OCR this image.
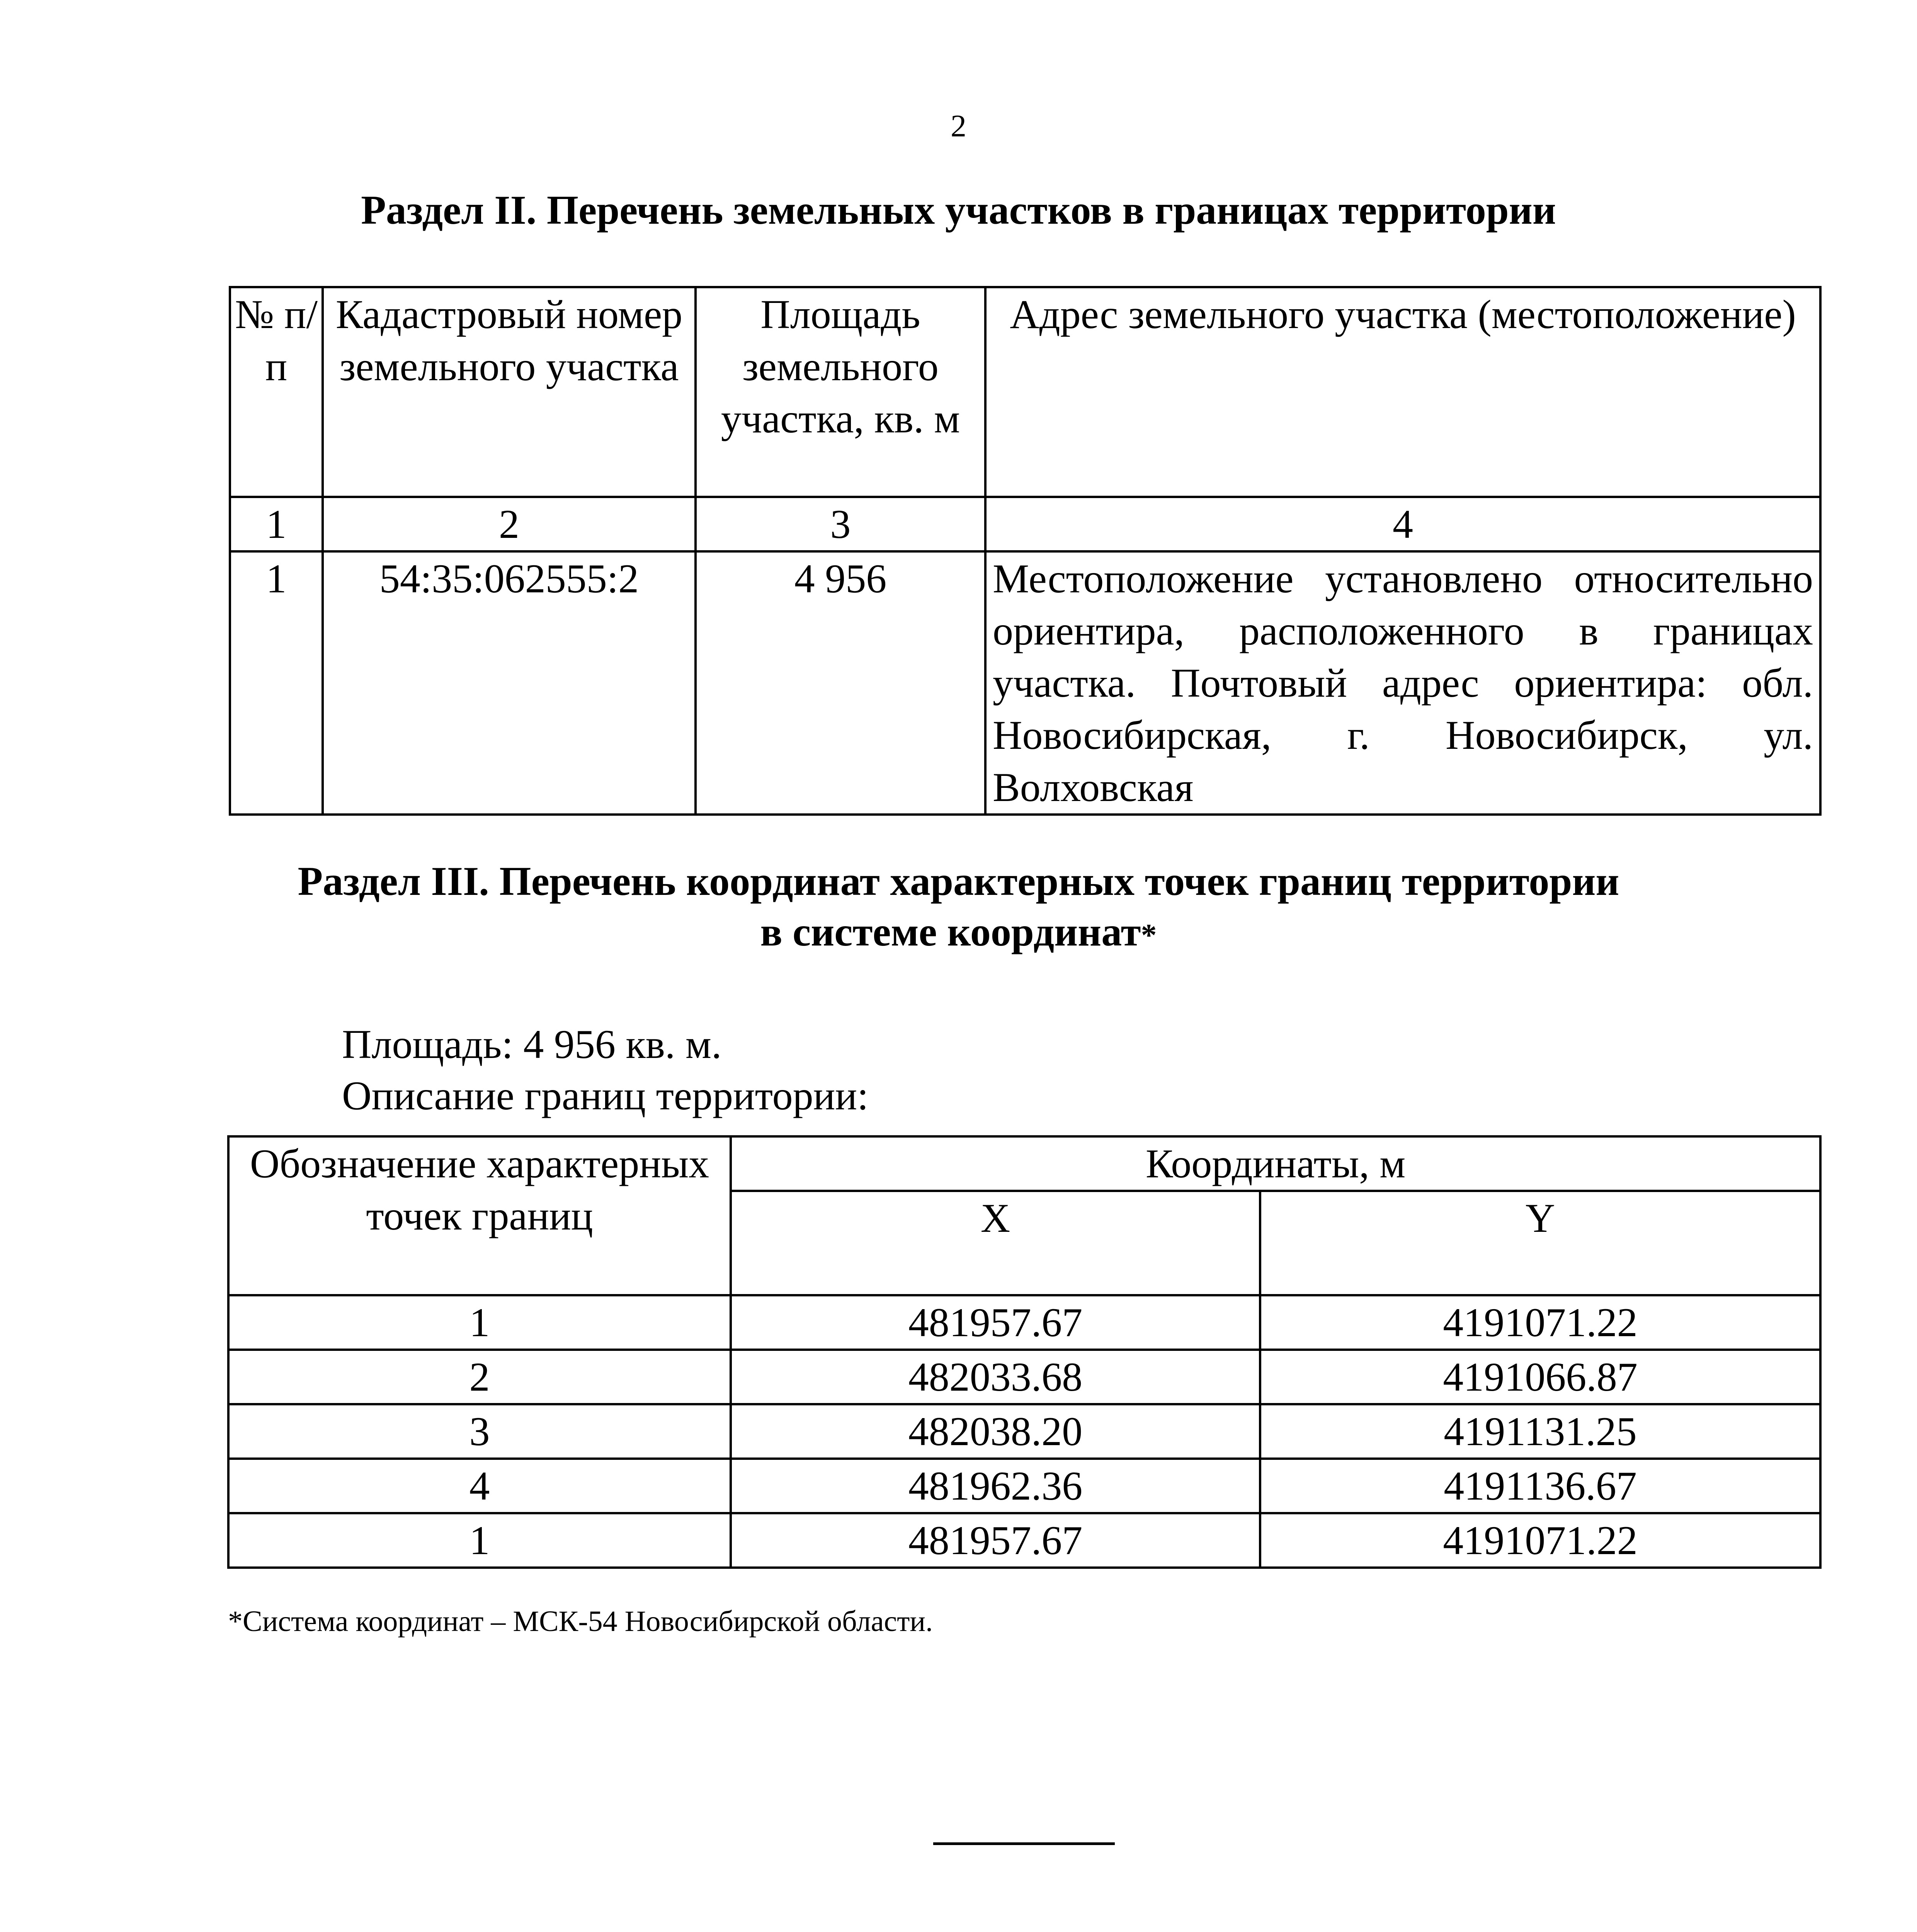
2
Раздел II. Перечень земельных участков в границах территории
№ п/п	Кадастровый номер земельного участка	Площадь земельного участка, кв. м	Адрес земельного участка (местоположение)
1	2	3	4
1	54:35:062555:2	4 956	Местоположение установлено относительно ориентира, расположенного в границах участка. Почтовый адрес ориентира: обл. Новосибирская, г. Новосибирск, ул. Волховская
Раздел III. Перечень координат характерных точек границ территории
в системе координат*
Площадь: 4 956 кв. м.
Описание границ территории:
Обозначение характерных точек границ	Координаты, м	
	X	Y
1	481957.67	4191071.22
2	482033.68	4191066.87
3	482038.20	4191131.25
4	481962.36	4191136.67
1	481957.67	4191071.22
*Система координат – МСК-54 Новосибирской области.
